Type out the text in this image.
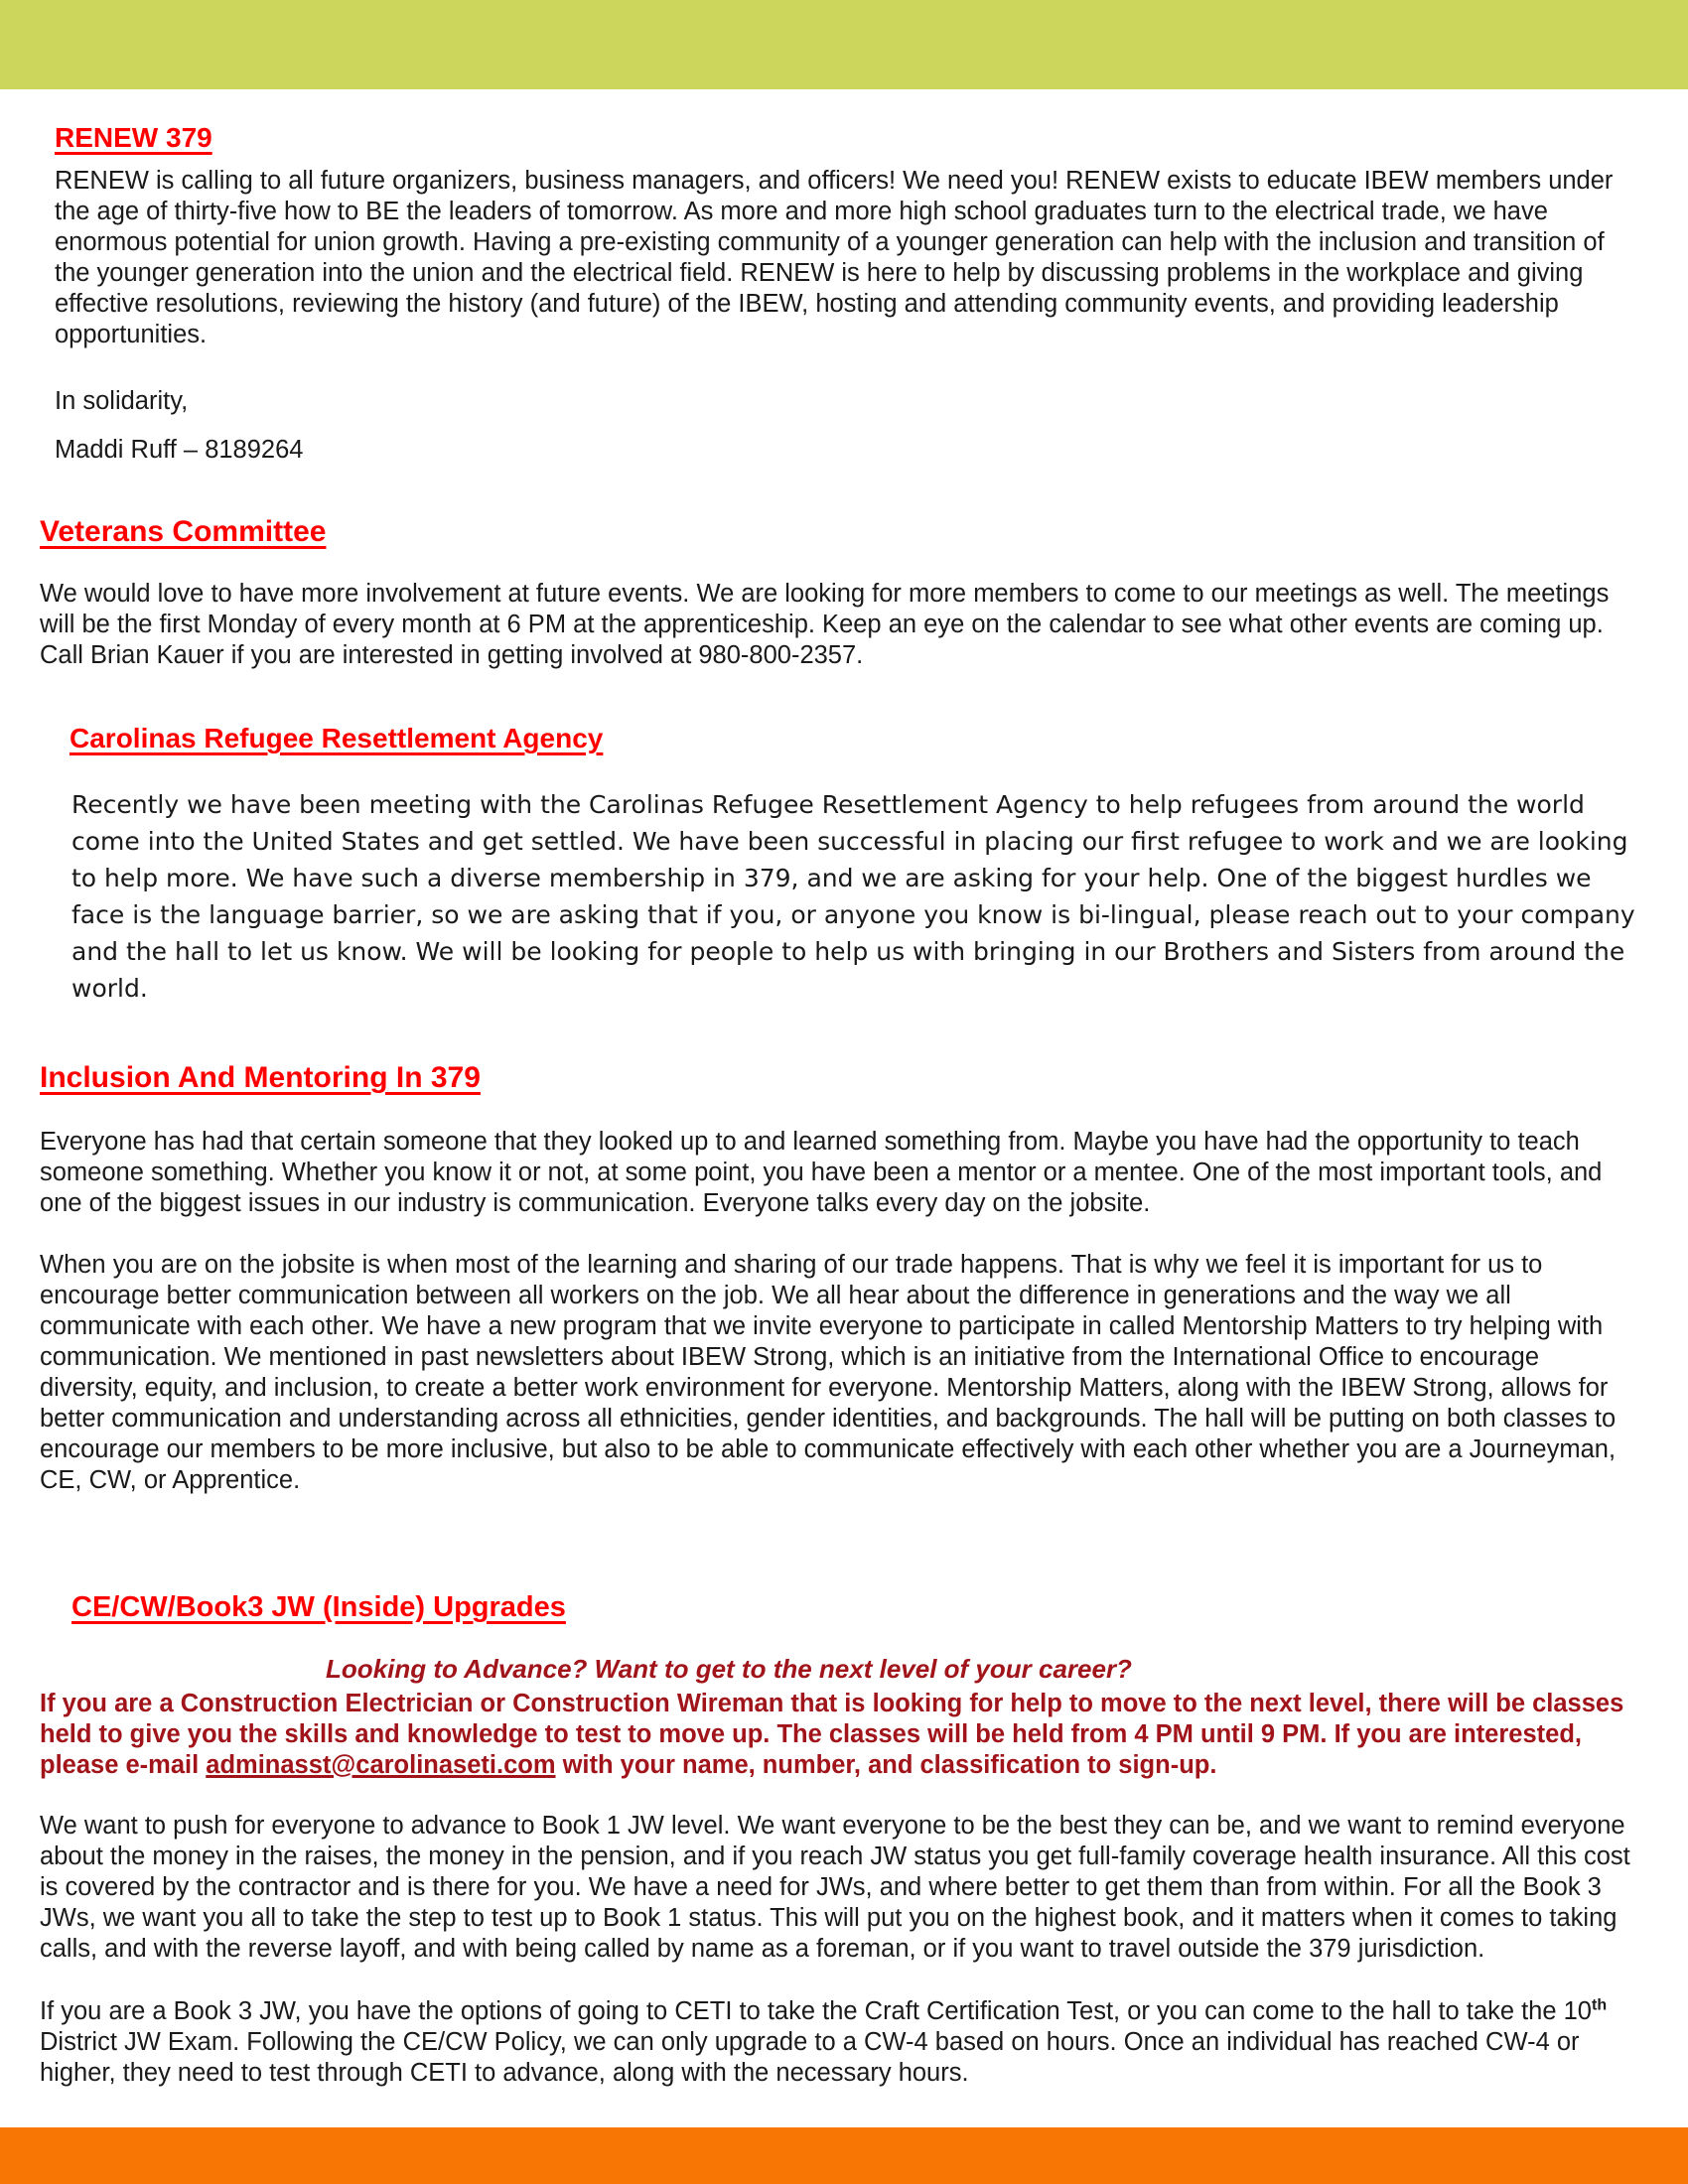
RENEW 379

RENEW is calling to all future organizers, business managers, and officers! We need you! RENEW exists to educate IBEW members under the age of thirty-five how to BE the leaders of tomorrow. As more and more high school graduates turn to the electrical trade, we have enormous potential for union growth. Having a pre-existing community of a younger generation can help with the inclusion and transition of the younger generation into the union and the electrical field. RENEW is here to help by discussing problems in the workplace and giving effective resolutions, reviewing the history (and future) of the IBEW, hosting and attending community events, and providing leadership opportunities.

In solidarity,

Maddi Ruff – 8189264

Veterans Committee

We would love to have more involvement at future events. We are looking for more members to come to our meetings as well. The meetings will be the first Monday of every month at 6 PM at the apprenticeship. Keep an eye on the calendar to see what other events are coming up. Call Brian Kauer if you are interested in getting involved at 980-800-2357.

Carolinas Refugee Resettlement Agency

Recently we have been meeting with the Carolinas Refugee Resettlement Agency to help refugees from around the world come into the United States and get settled. We have been successful in placing our first refugee to work and we are looking to help more. We have such a diverse membership in 379, and we are asking for your help. One of the biggest hurdles we face is the language barrier, so we are asking that if you, or anyone you know is bi-lingual, please reach out to your company and the hall to let us know. We will be looking for people to help us with bringing in our Brothers and Sisters from around the world.

Inclusion And Mentoring In 379

Everyone has had that certain someone that they looked up to and learned something from. Maybe you have had the opportunity to teach someone something. Whether you know it or not, at some point, you have been a mentor or a mentee. One of the most important tools, and one of the biggest issues in our industry is communication. Everyone talks every day on the jobsite.

When you are on the jobsite is when most of the learning and sharing of our trade happens. That is why we feel it is important for us to encourage better communication between all workers on the job. We all hear about the difference in generations and the way we all communicate with each other. We have a new program that we invite everyone to participate in called Mentorship Matters to try helping with communication. We mentioned in past newsletters about IBEW Strong, which is an initiative from the International Office to encourage diversity, equity, and inclusion, to create a better work environment for everyone. Mentorship Matters, along with the IBEW Strong, allows for better communication and understanding across all ethnicities, gender identities, and backgrounds. The hall will be putting on both classes to encourage our members to be more inclusive, but also to be able to communicate effectively with each other whether you are a Journeyman, CE, CW, or Apprentice.

CE/CW/Book3 JW (Inside) Upgrades

Looking to Advance? Want to get to the next level of your career?

If you are a Construction Electrician or Construction Wireman that is looking for help to move to the next level, there will be classes held to give you the skills and knowledge to test to move up. The classes will be held from 4 PM until 9 PM. If you are interested, please e-mail adminasst@carolinaseti.com with your name, number, and classification to sign-up.

We want to push for everyone to advance to Book 1 JW level. We want everyone to be the best they can be, and we want to remind everyone about the money in the raises, the money in the pension, and if you reach JW status you get full-family coverage health insurance. All this cost is covered by the contractor and is there for you. We have a need for JWs, and where better to get them than from within. For all the Book 3 JWs, we want you all to take the step to test up to Book 1 status. This will put you on the highest book, and it matters when it comes to taking calls, and with the reverse layoff, and with being called by name as a foreman, or if you want to travel outside the 379 jurisdiction.

If you are a Book 3 JW, you have the options of going to CETI to take the Craft Certification Test, or you can come to the hall to take the 10th District JW Exam. Following the CE/CW Policy, we can only upgrade to a CW-4 based on hours. Once an individual has reached CW-4 or higher, they need to test through CETI to advance, along with the necessary hours.
